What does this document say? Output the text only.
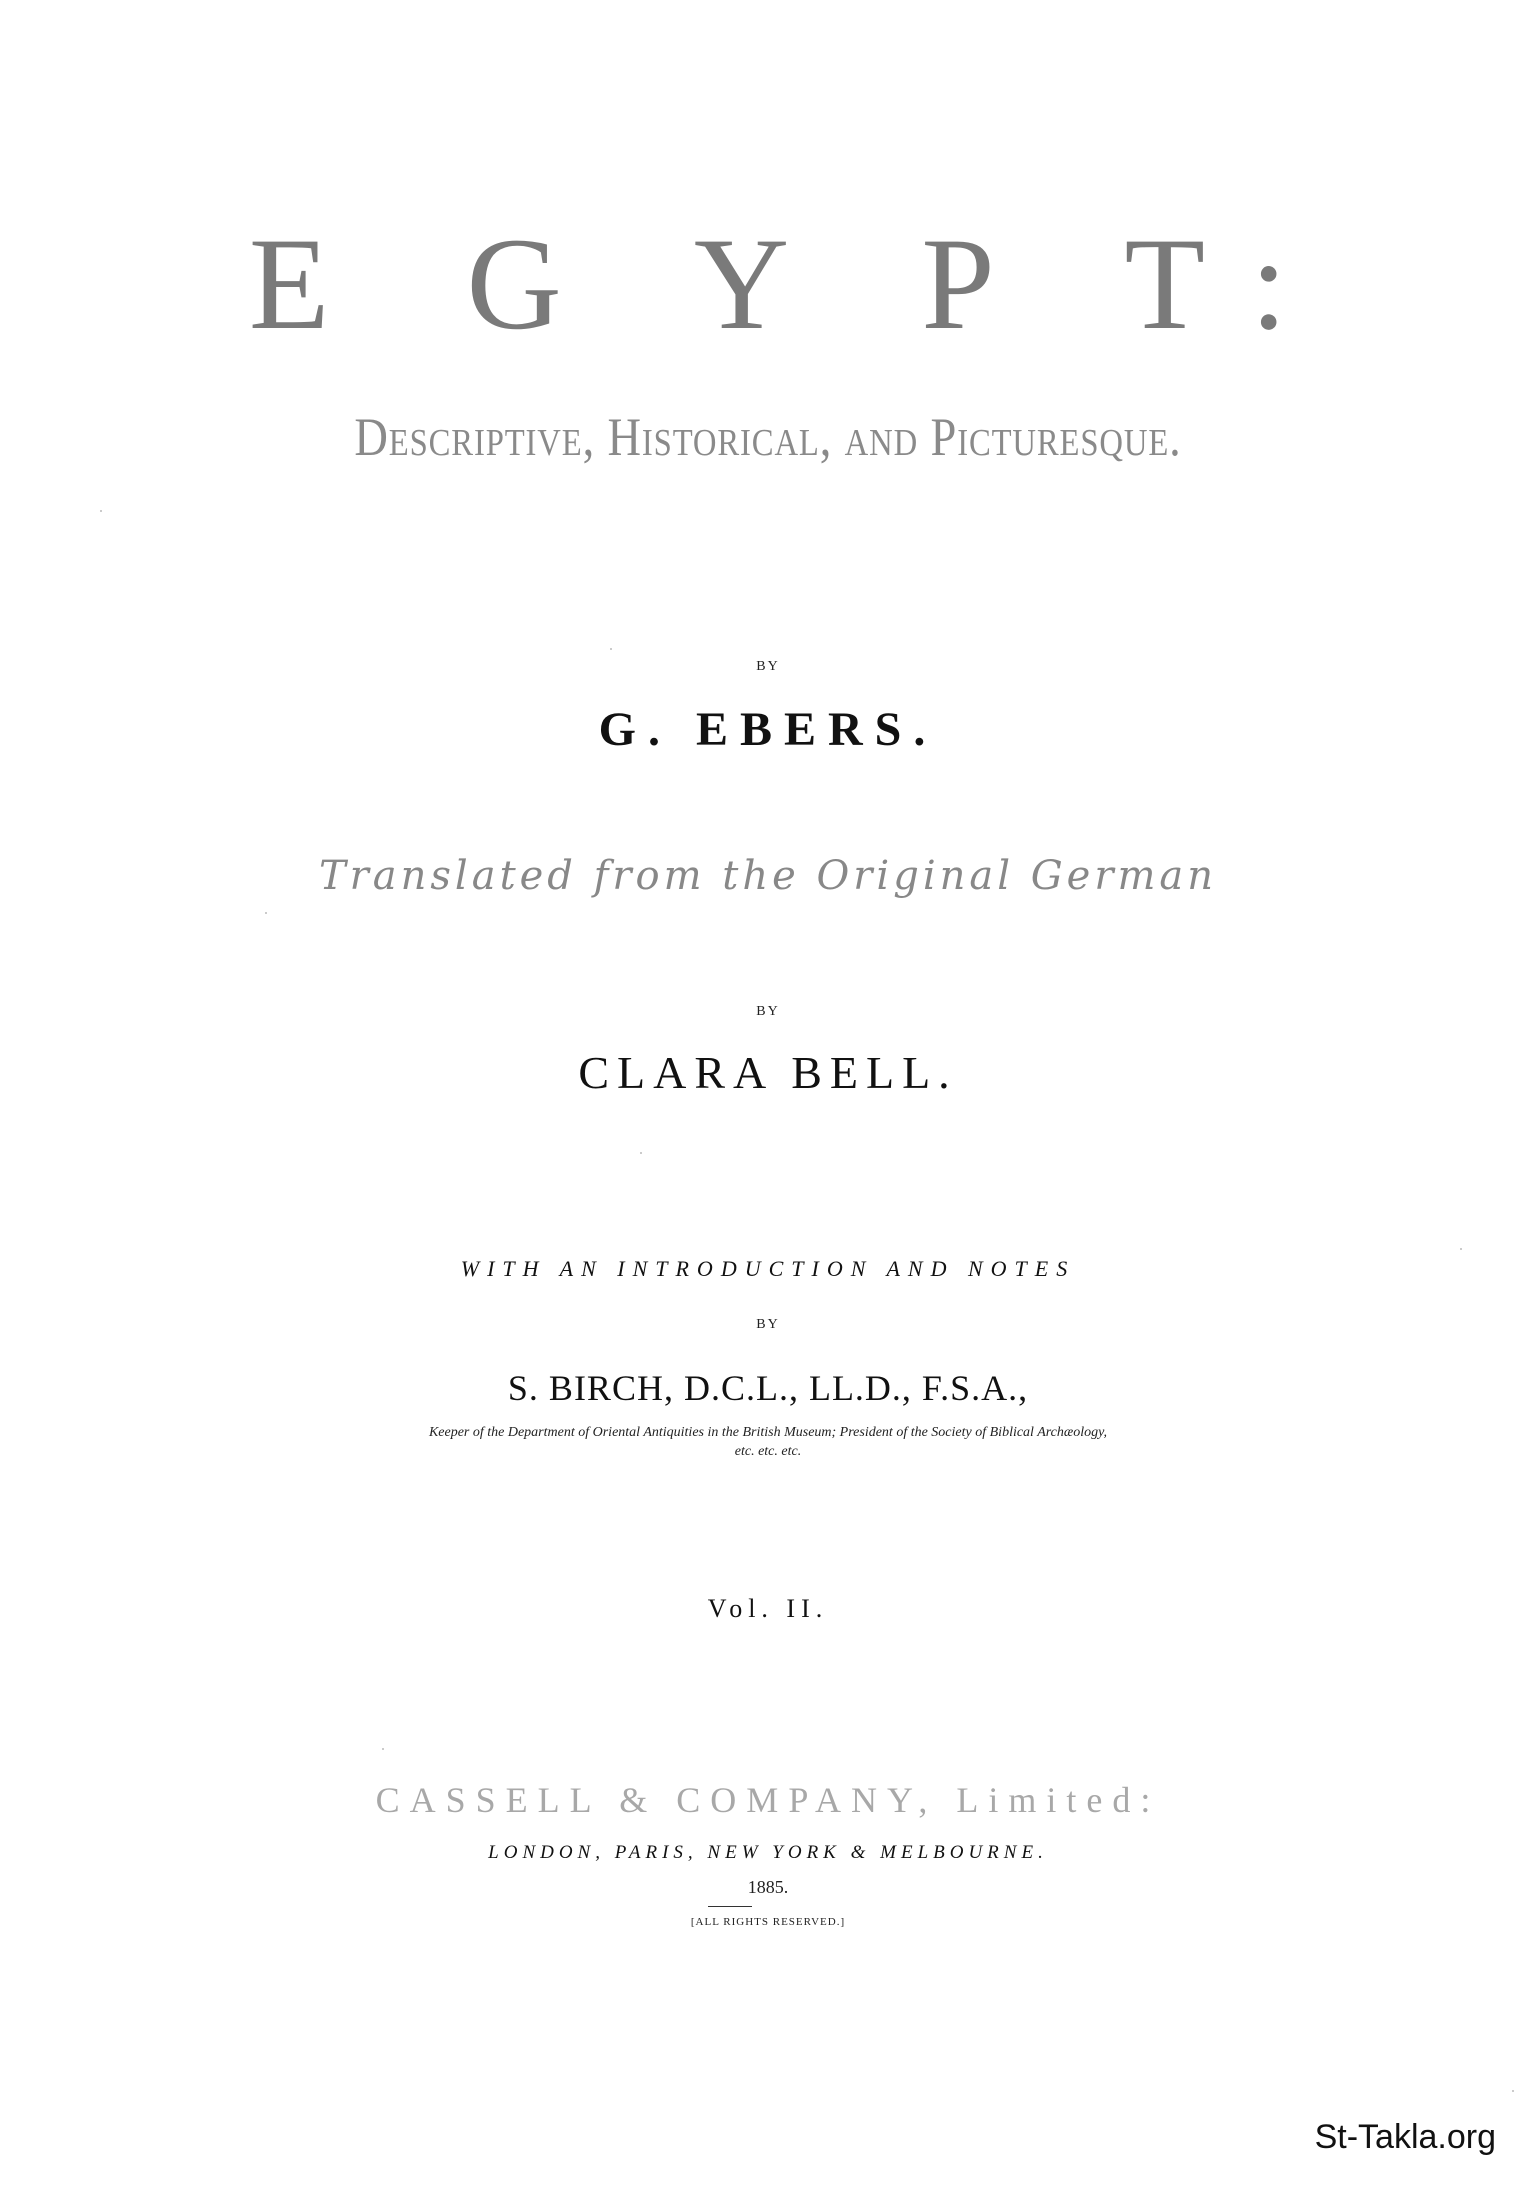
E G Y P T:
Descriptive, Historical, and Picturesque.
BY
G. EBERS.
Translated from the Original German
BY
CLARA BELL.
WITH AN INTRODUCTION AND NOTES
BY
S. BIRCH, D.C.L., LL.D., F.S.A.,
Keeper of the Department of Oriental Antiquities in the British Museum; President of the Society of Biblical Archæology,
etc. etc. etc.
Vol. II.
CASSELL & COMPANY, Limited:
LONDON, PARIS, NEW YORK & MELBOURNE.
1885.
[ALL RIGHTS RESERVED.]
St-Takla.org
